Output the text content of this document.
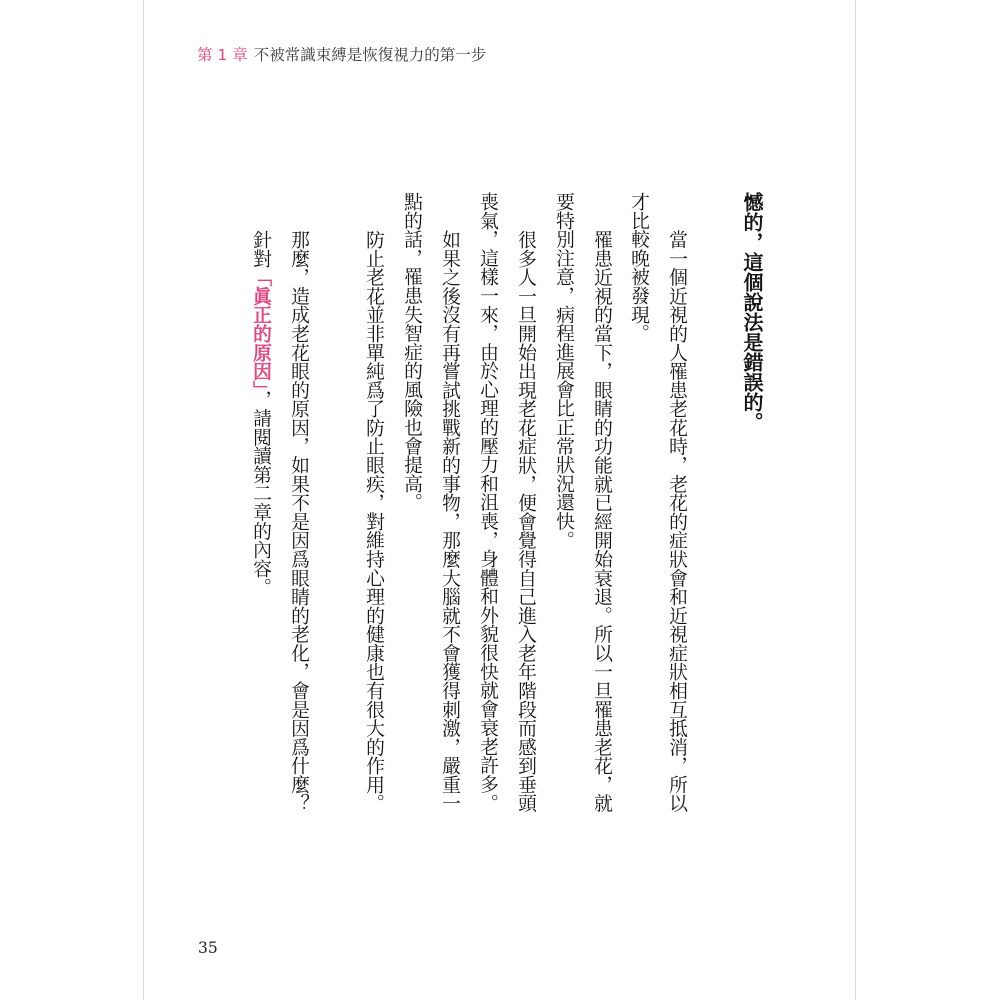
第 1 章 不被常識束縛是恢復視力的第一步
憾的，這個說法是錯誤的。
當一個近視的人罹患老花時，老花的症狀會和近視症狀相互抵消，所以
才比較晚被發現。
罹患近視的當下，眼睛的功能就已經開始衰退。所以一旦罹患老花，就
要特別注意，病程進展會比正常狀況還快。
很多人一旦開始出現老花症狀，便會覺得自己進入老年階段而感到垂頭
喪氣，這樣一來，由於心理的壓力和沮喪，身體和外貌很快就會衰老許多。
如果之後沒有再嘗試挑戰新的事物，那麼大腦就不會獲得刺激，嚴重一
點的話，罹患失智症的風險也會提高。
防止老花並非單純爲了防止眼疾，對維持心理的健康也有很大的作用。
那麼，造成老花眼的原因，如果不是因爲眼睛的老化，會是因爲什麼？
針對「眞正的原因」，請閱讀第二章的內容。
35
